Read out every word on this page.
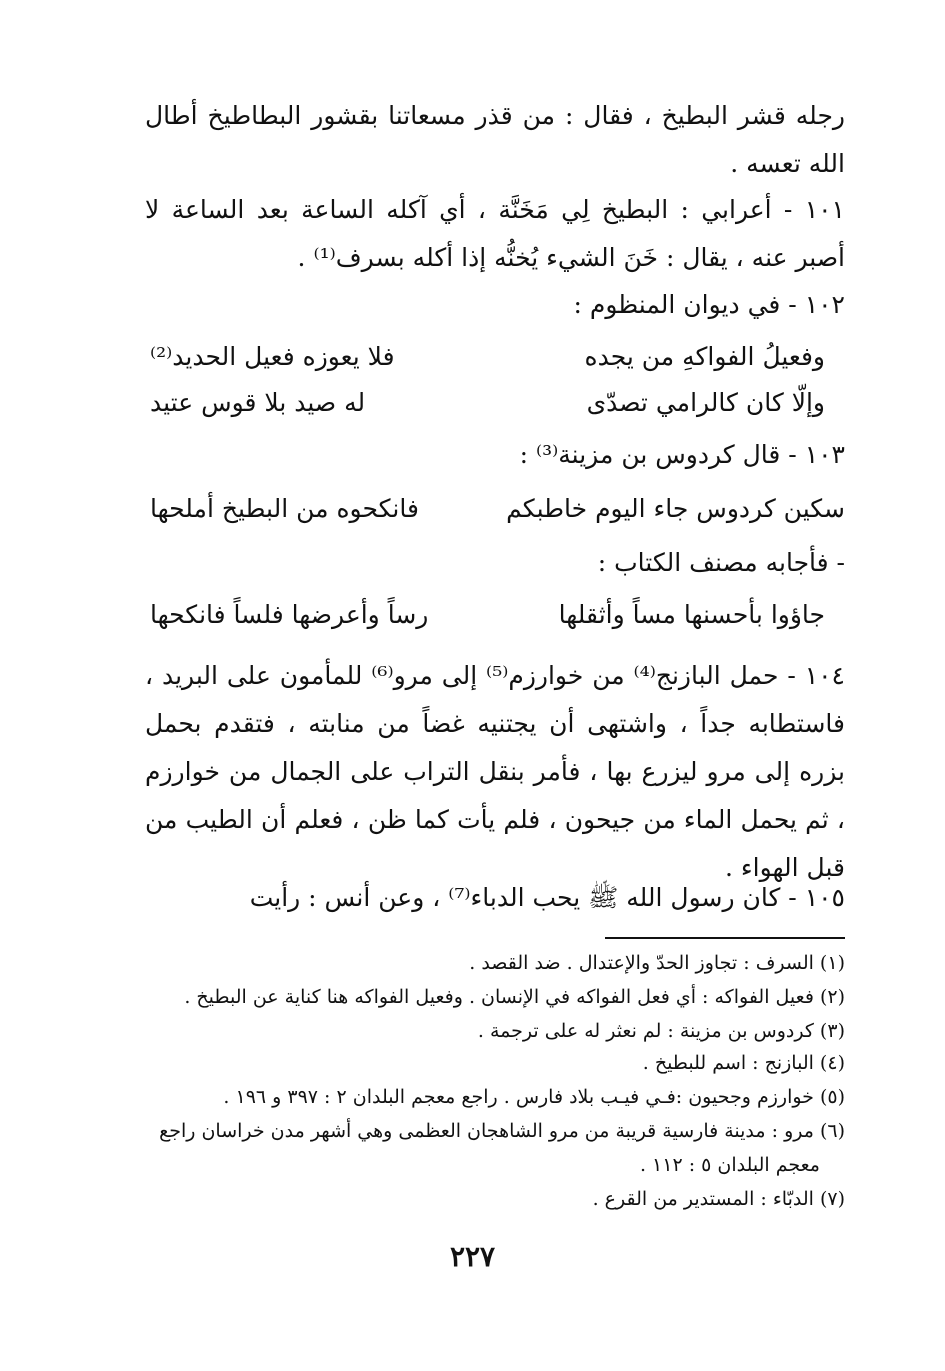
رجله قشر البطيخ ، فقال : من قذر مسعاتنا بقشور البطاطيخ أطال الله تعسه .
١٠١ - أعرابي : البطيخ لِي مَخَنَّة ، أي آكله الساعة بعد الساعة لا أصبر عنه ، يقال : خَنَ الشيء يُخنُّه إذا أكله بسرف⁽¹⁾ .
١٠٢ - في ديوان المنظوم :
وفعيلُ الفواكهِ من يجده
فلا يعوزه فعيل الحديد⁽²⁾
وإلّا كان كالرامي تصدّى
له صيد بلا قوس عتيد
١٠٣ - قال كردوس بن مزينة⁽³⁾ :
سكين كردوس جاء اليوم خاطبكم
فانكحوه من البطيخ أملحها
- فأجابه مصنف الكتاب :
جاؤوا بأحسنها مساً وأثقلها
رساً وأعرضها فلساً فانكحها
١٠٤ - حمل البازنج⁽⁴⁾ من خوارزم⁽⁵⁾ إلى مرو⁽⁶⁾ للمأمون على البريد ، فاستطابه جداً ، واشتهى أن يجتنيه غضاً من منابته ، فتقدم بحمل بزره إلى مرو ليزرع بها ، فأمر بنقل التراب على الجمال من خوارزم ، ثم يحمل الماء من جيحون ، فلم يأت كما ظن ، فعلم أن الطيب من قبل الهواء .
١٠٥ - كان رسول الله ﷺ يحب الدباء⁽⁷⁾ ، وعن أنس : رأيت
(١) السرف : تجاوز الحدّ والإعتدال . ضد القصد .
(٢) فعيل الفواكه : أي فعل الفواكه في الإنسان . وفعيل الفواكه هنا كناية عن البطيخ .
(٣) كردوس بن مزينة : لم نعثر له على ترجمة .
(٤) البازنج : اسم للبطيخ .
(٥) خوارزم وجحيون :فـي فيـب بلاد فارس . راجع معجم البلدان ٢ : ٣٩٧ و ١٩٦ .
(٦) مرو : مدينة فارسية قريبة من مرو الشاهجان العظمى وهي أشهر مدن خراسان راجع
معجم البلدان ٥ : ١١٢ .
(٧) الدبّاء : المستدير من القرع .
٢٢٧
